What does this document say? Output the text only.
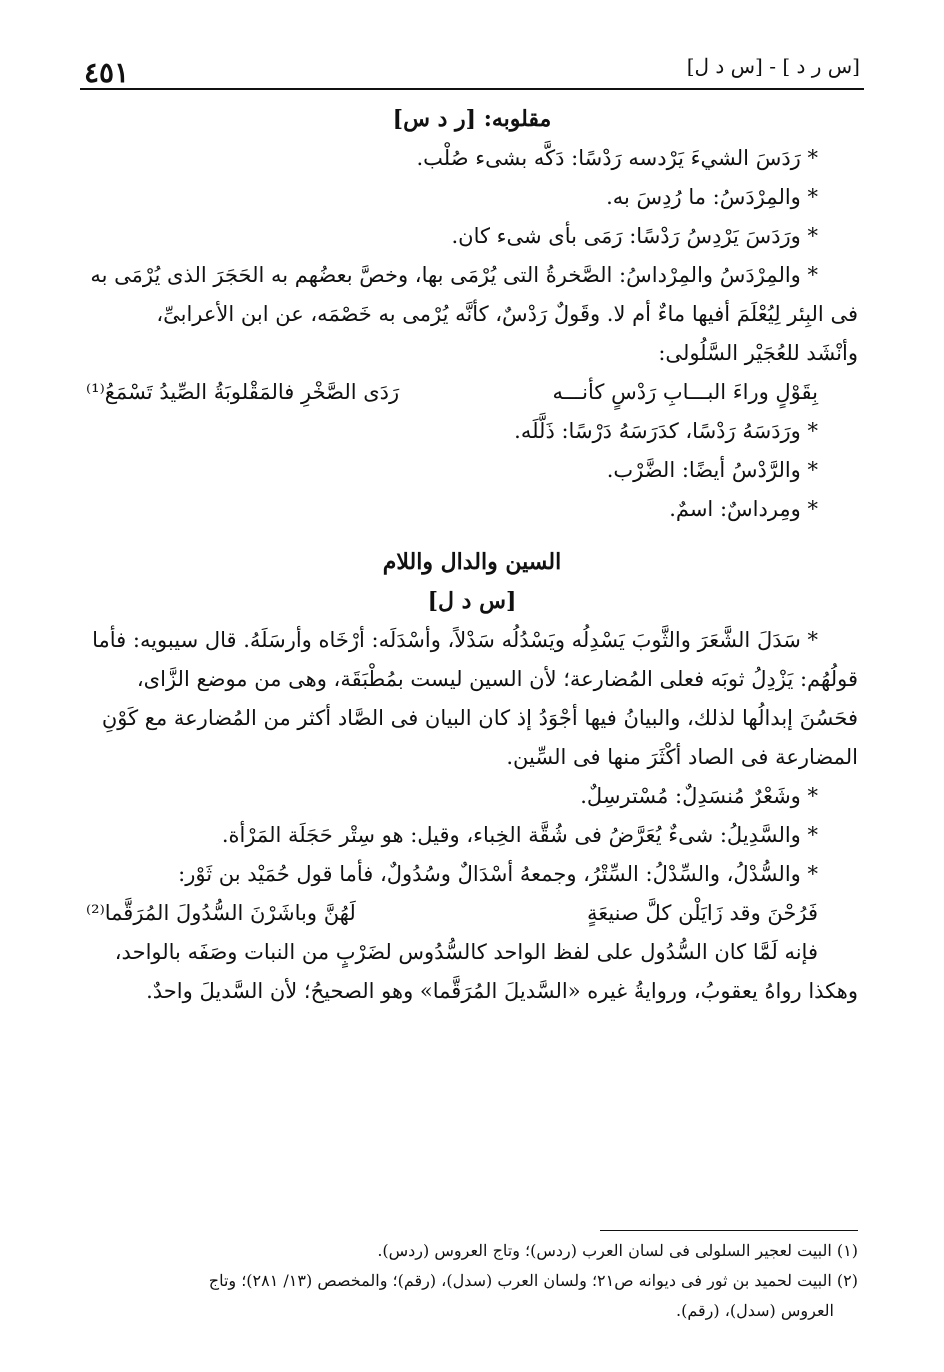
٤٥١	[س ر د ] - [س د ل]

مقلوبه: [ر د س]

* رَدَسَ الشيءَ يَرْدسه رَدْسًا: دَكَّه بشىء صُلْب.

* والمِرْدَسُ: ما رُدِسَ به.

* ورَدَسَ يَرْدِسُ رَدْسًا: رَمَى بأى شىء كان.

* والمِرْدَسُ والمِرْداسُ: الصَّخرةُ التى يُرْمَى بها، وخصَّ بعضُهم به الحَجَرَ الذى يُرْمَى به

فى البِئر لِيُعْلَمَ أفيها ماءٌ أم لا. وقَولٌ رَدْسٌ، كأنَّه يُرْمى به خَصْمَه، عن ابن الأعرابىِّ،

وأنْشَد للعُجَيْر السَّلُولى:

بِقَوْلٍ وراءَ البـــابِ رَدْسٍ كأنـــه
رَدَى الصَّخْرِ فالمَقْلوبَةُ الصِّيدُ تَسْمَعُ⁽¹⁾

* ورَدَسَهُ رَدْسًا، كدَرَسَهُ دَرْسًا: ذَلَّلَه.

* والرَّدْسُ أيضًا: الضَّرْب.

* ومِرداسٌ: اسمٌ.

السين والدال واللام

[س د ل]

* سَدَلَ الشَّعَرَ والثَّوبَ يَسْدِلُه ويَسْدُلُه سَدْلاً، وأسْدَلَه: أرْخَاه وأرسَلَهُ. قال سيبويه: فأما

قولُهُم: يَزْدِلُ ثوبَه فعلى المُضارعة؛ لأن السين ليست بمُطْبَقَة، وهى من موضع الزَّاى،

فحَسُنَ إبدالُها لذلك، والبيانُ فيها أجْوَدُ إذ كان البيان فى الصَّاد أكثر من المُضارعة مع كَوْنِ

المضارعة فى الصاد أكْثَرَ منها فى السِّين.

* وشَعْرٌ مُنسَدِلٌ: مُسْترسِلٌ.

* والسَّدِيلُ: شىءٌ يُعَرَّضُ فى شُقَّة الخِباء، وقيل: هو سِتْر حَجَلَة المَرْأة.

* والسُّدْلُ، والسِّدْلُ: السِّتْرُ، وجمعهُ أسْدَالٌ وسُدُولٌ، فأما قول حُمَيْد بن ثَوْر:

فَرُحْنَ وقد زَايَلْن كلَّ صنيعَةٍ
لَهُنَّ وباشَرْنَ السُّدُولَ المُرَقَّما⁽²⁾

فإنه لَمَّا كان السُّدُول على لفظ الواحد كالسُّدُوس لضَرْبٍ من النبات وصَفَه بالواحد،

وهكذا رواهُ يعقوبُ، وروايةُ غيره «السَّديلَ المُرَقَّما» وهو الصحيحُ؛ لأن السَّديلَ واحدٌ.

(١) البيت لعجير السلولى فى لسان العرب (ردس)؛ وتاج العروس (ردس).

(٢) البيت لحميد بن ثور فى ديوانه ص٢١؛ ولسان العرب (سدل)، (رقم)؛ والمخصص (١٣/ ٢٨١)؛ وتاج

العروس (سدل)، (رقم).
